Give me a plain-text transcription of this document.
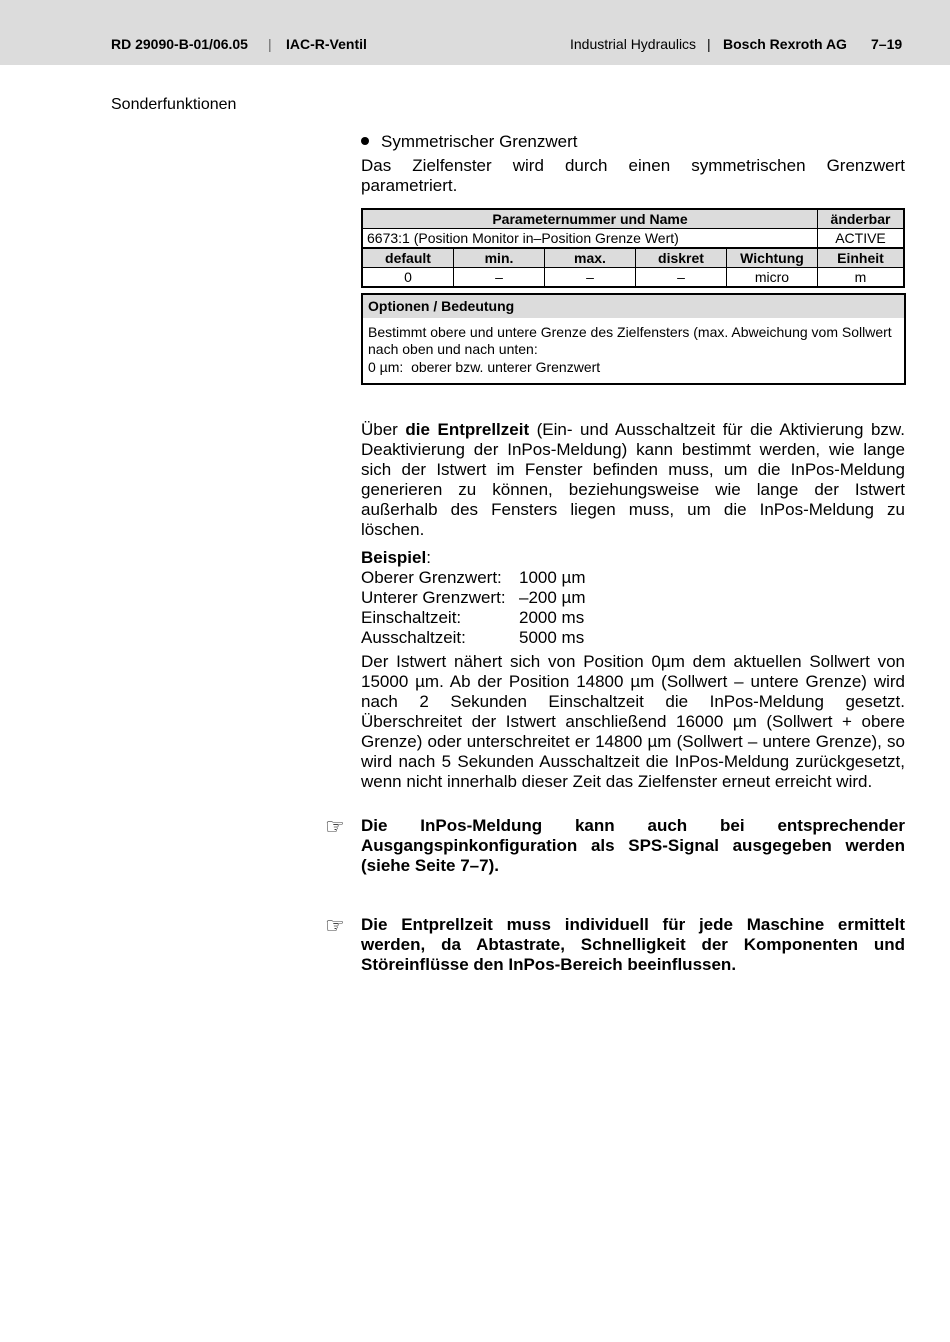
RD 29090-B-01/06.05 | IAC-R-Ventil	Industrial Hydraulics | Bosch Rexroth AG 7–19
Sonderfunktionen
Symmetrischer Grenzwert
Das Zielfenster wird durch einen symmetrischen Grenzwert parametriert.
Parameternummer und Name					änderbar
6673:1 (Position Monitor in–Position Grenze Wert)					ACTIVE
default	min.	max.	diskret	Wichtung	Einheit
0	–	–	–	micro	m
Optionen / Bedeutung
Bestimmt obere und untere Grenze des Zielfensters (max. Abweichung vom Sollwert nach oben und nach unten:
0 µm: oberer bzw. unterer Grenzwert
Über die Entprellzeit (Ein- und Ausschaltzeit für die Aktivierung bzw. Deaktivierung der InPos-Meldung) kann bestimmt werden, wie lange sich der Istwert im Fenster befinden muss, um die InPos-Meldung generieren zu können, beziehungsweise wie lange der Istwert außerhalb des Fensters liegen muss, um die InPos-Meldung zu löschen.
Beispiel:
Oberer Grenzwert: 1000 µm
Unterer Grenzwert: –200 µm
Einschaltzeit:	2000 ms
Ausschaltzeit:	5000 ms
Der Istwert nähert sich von Position 0µm dem aktuellen Sollwert von 15000 µm. Ab der Position 14800 µm (Sollwert – untere Grenze) wird nach 2 Sekunden Einschaltzeit die InPos-Meldung gesetzt. Überschreitet der Istwert anschließend 16000 µm (Sollwert + obere Grenze) oder unterschreitet er 14800 µm (Sollwert – untere Grenze), so wird nach 5 Sekunden Ausschaltzeit die InPos-Meldung zurückgesetzt, wenn nicht innerhalb dieser Zeit das Zielfenster erneut erreicht wird.
☞ Die InPos-Meldung kann auch bei entsprechender Ausgangspinkonfiguration als SPS-Signal ausgegeben werden (siehe Seite 7–7).
☞ Die Entprellzeit muss individuell für jede Maschine ermittelt werden, da Abtastrate, Schnelligkeit der Komponenten und Störeinflüsse den InPos-Bereich beeinflussen.
